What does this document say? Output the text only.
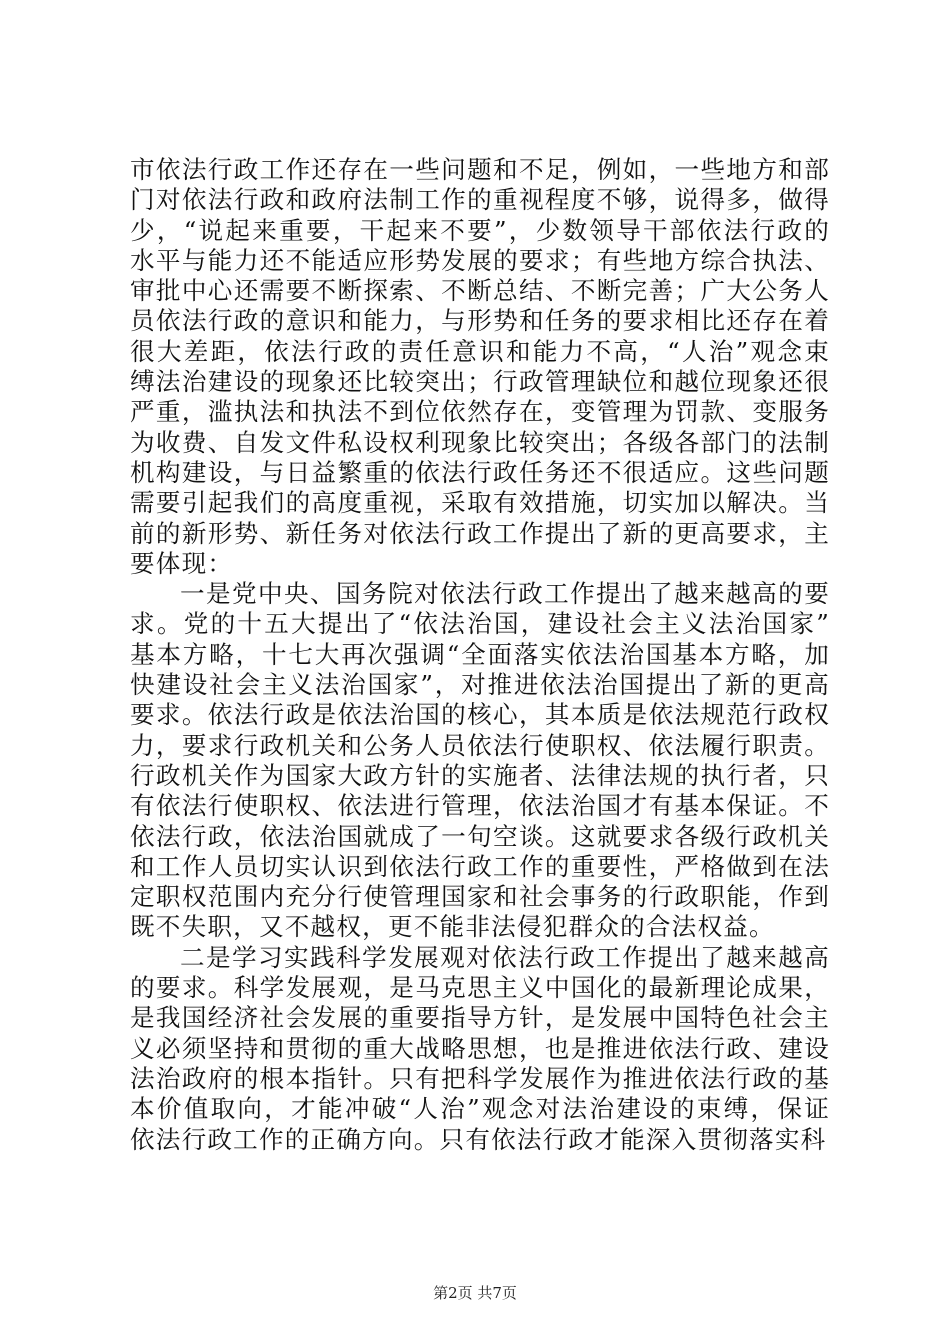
市依法行政工作还存在一些问题和不足，例如，一些地方和部
门对依法行政和政府法制工作的重视程度不够，说得多，做得
少，“说起来重要，干起来不要”，少数领导干部依法行政的
水平与能力还不能适应形势发展的要求；有些地方综合执法、
审批中心还需要不断探索、不断总结、不断完善；广大公务人
员依法行政的意识和能力，与形势和任务的要求相比还存在着
很大差距，依法行政的责任意识和能力不高，“人治”观念束
缚法治建设的现象还比较突出；行政管理缺位和越位现象还很
严重，滥执法和执法不到位依然存在，变管理为罚款、变服务
为收费、自发文件私设权利现象比较突出；各级各部门的法制
机构建设，与日益繁重的依法行政任务还不很适应。这些问题
需要引起我们的高度重视，采取有效措施，切实加以解决。当
前的新形势、新任务对依法行政工作提出了新的更高要求，主
要体现：
一是党中央、国务院对依法行政工作提出了越来越高的要
求。党的十五大提出了“依法治国，建设社会主义法治国家”
基本方略，十七大再次强调“全面落实依法治国基本方略，加
快建设社会主义法治国家”，对推进依法治国提出了新的更高
要求。依法行政是依法治国的核心，其本质是依法规范行政权
力，要求行政机关和公务人员依法行使职权、依法履行职责。
行政机关作为国家大政方针的实施者、法律法规的执行者，只
有依法行使职权、依法进行管理，依法治国才有基本保证。不
依法行政，依法治国就成了一句空谈。这就要求各级行政机关
和工作人员切实认识到依法行政工作的重要性，严格做到在法
定职权范围内充分行使管理国家和社会事务的行政职能，作到
既不失职，又不越权，更不能非法侵犯群众的合法权益。
二是学习实践科学发展观对依法行政工作提出了越来越高
的要求。科学发展观，是马克思主义中国化的最新理论成果，
是我国经济社会发展的重要指导方针，是发展中国特色社会主
义必须坚持和贯彻的重大战略思想，也是推进依法行政、建设
法治政府的根本指针。只有把科学发展作为推进依法行政的基
本价值取向，才能冲破“人治”观念对法治建设的束缚，保证
依法行政工作的正确方向。只有依法行政才能深入贯彻落实科
第2页 共7页
